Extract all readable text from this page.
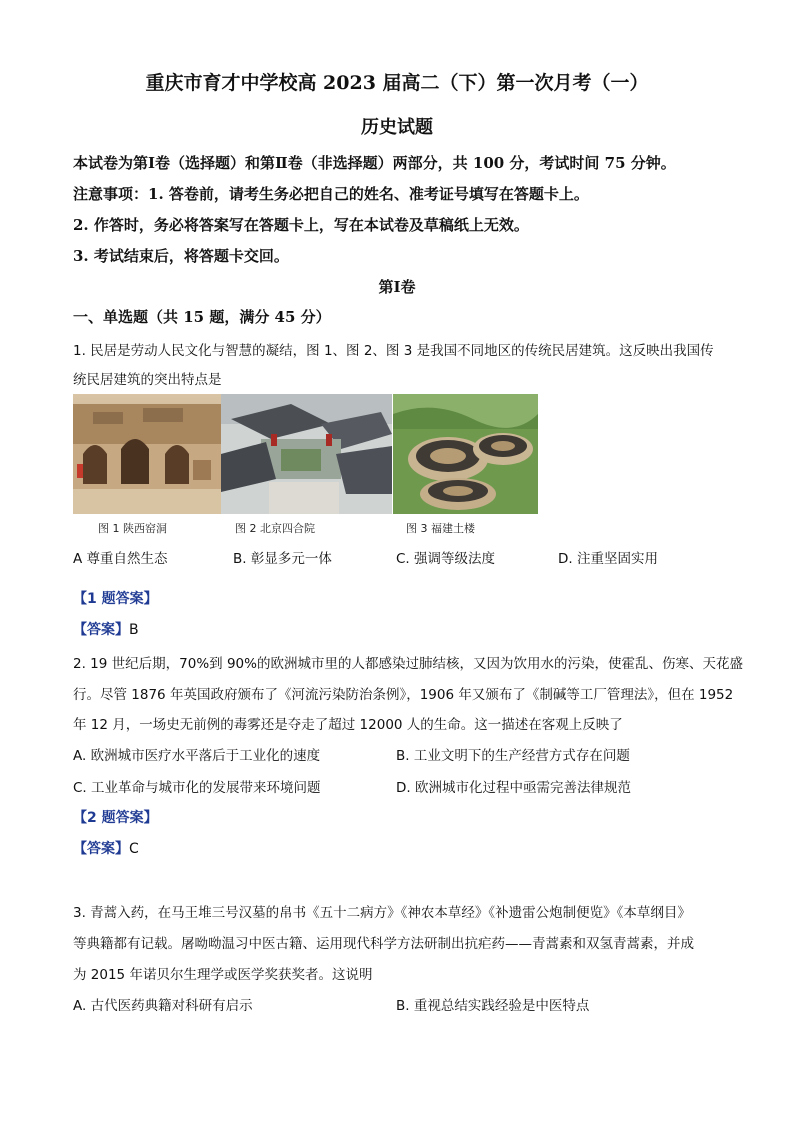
重庆市育才中学校高 2023 届高二（下）第一次月考（一）
历史试题
本试卷为第Ⅰ卷（选择题）和第Ⅱ卷（非选择题）两部分，共 100 分，考试时间 75 分钟。
注意事项：1. 答卷前，请考生务必把自己的姓名、准考证号填写在答题卡上。
2. 作答时，务必将答案写在答题卡上，写在本试卷及草稿纸上无效。
3. 考试结束后，将答题卡交回。
第Ⅰ卷
一、单选题（共 15 题，满分 45 分）
1. 民居是劳动人民文化与智慧的凝结，图 1、图 2、图 3 是我国不同地区的传统民居建筑。这反映出我国传
统民居建筑的突出特点是
图 1 陕西窑洞	图 2 北京四合院	图 3 福建土楼
A 尊重自然生态	B. 彰显多元一体	C. 强调等级法度	D. 注重坚固实用
【1 题答案】
【答案】B
2. 19 世纪后期，70%到 90%的欧洲城市里的人都感染过肺结核，又因为饮用水的污染，使霍乱、伤寒、天花盛
行。尽管 1876 年英国政府颁布了《河流污染防治条例》，1906 年又颁布了《制碱等工厂管理法》，但在 1952
年 12 月，一场史无前例的毒雾还是夺走了超过 12000 人的生命。这一描述在客观上反映了
A. 欧洲城市医疗水平落后于工业化的速度	B. 工业文明下的生产经营方式存在问题
C. 工业革命与城市化的发展带来环境问题	D. 欧洲城市化过程中亟需完善法律规范
【2 题答案】
【答案】C
3. 青蒿入药，在马王堆三号汉墓的帛书《五十二病方》《神农本草经》《补遗雷公炮制便览》《本草纲目》
等典籍都有记载。屠呦呦温习中医古籍、运用现代科学方法研制出抗疟药——青蒿素和双氢青蒿素，并成
为 2015 年诺贝尔生理学或医学奖获奖者。这说明
A. 古代医药典籍对科研有启示	B. 重视总结实践经验是中医特点
